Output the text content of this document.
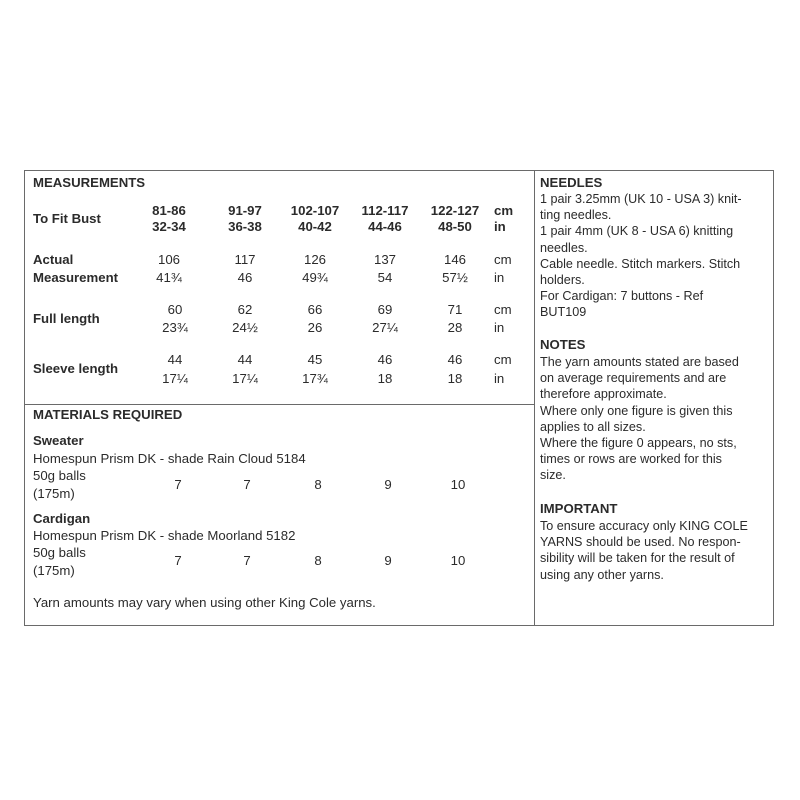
MEASUREMENTS
To Fit Bust
81-86	91-97	102-107	112-117	122-127	cm
32-34	36-38	40-42	44-46	48-50	in
Actual
Measurement
106	117	126	137	146	cm
41¾	46	49¾	54	57½	in
Full length
60	62	66	69	71	cm
23¾	24½	26	27¼	28	in
Sleeve length
44	44	45	46	46	cm
17¼	17¼	17¾	18	18	in
MATERIALS REQUIRED
Sweater
Homespun Prism DK - shade Rain Cloud 5184
50g balls
(175m)
7	7	8	9	10
Cardigan
Homespun Prism DK - shade Moorland 5182
50g balls
(175m)
7	7	8	9	10
Yarn amounts may vary when using other King Cole yarns.
NEEDLES
1 pair 3.25mm (UK 10 - USA 3) knit-
ting needles.
1 pair 4mm (UK 8 - USA 6) knitting
needles.
Cable needle. Stitch markers. Stitch
holders.
For Cardigan: 7 buttons - Ref
BUT109
NOTES
The yarn amounts stated are based
on average requirements and are
therefore approximate.
Where only one figure is given this
applies to all sizes.
Where the figure 0 appears, no sts,
times or rows are worked for this
size.
IMPORTANT
To ensure accuracy only KING COLE
YARNS should be used. No respon-
sibility will be taken for the result of
using any other yarns.
